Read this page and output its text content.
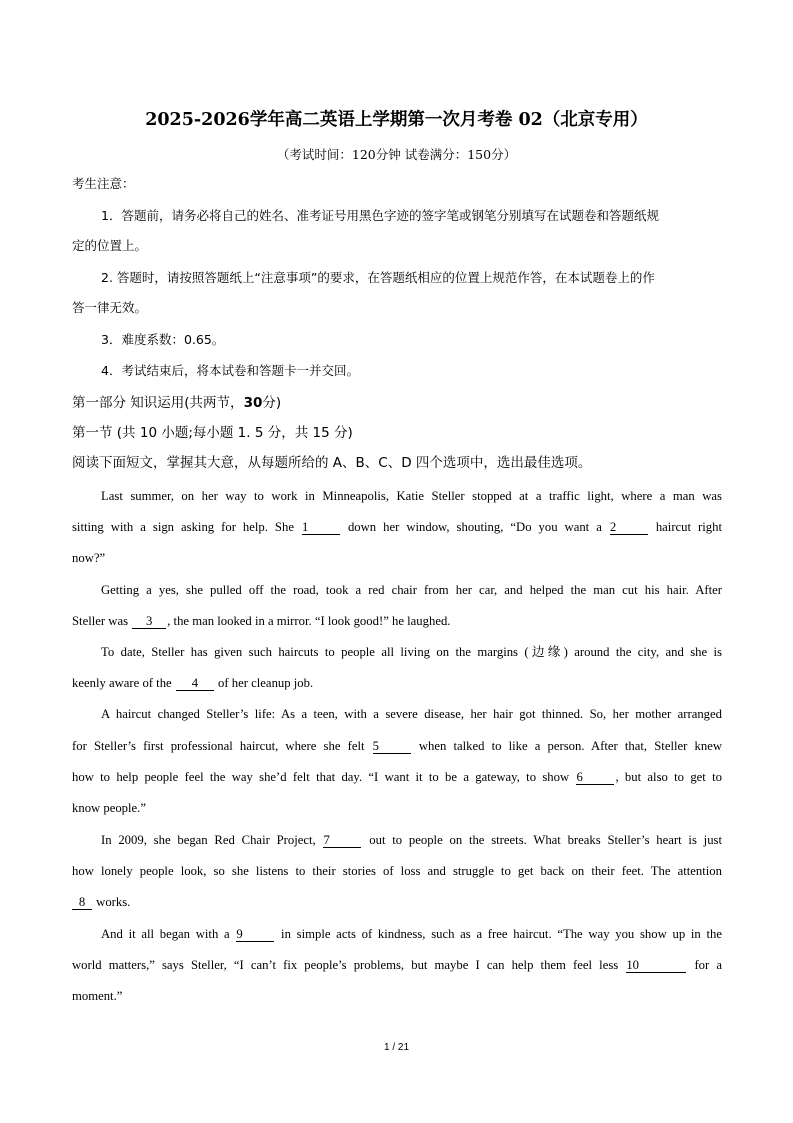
2025-2026学年高二英语上学期第一次月考卷 02（北京专用）
（考试时间：120分钟 试卷满分：150分）
考生注意：
1．答题前，请务必将自己的姓名、准考证号用黑色字迹的签字笔或钢笔分别填写在试题卷和答题纸规
定的位置上。
2. 答题时，请按照答题纸上“注意事项”的要求，在答题纸相应的位置上规范作答，在本试题卷上的作
答一律无效。
3．难度系数：0.65。
4．考试结束后，将本试卷和答题卡一并交回。
第一部分 知识运用(共两节，30分)
第一节 (共 10 小题;每小题 1. 5 分，共 15 分)
阅读下面短文，掌握其大意，从每题所给的 A、B、C、D 四个选项中，选出最佳选项。
Last summer, on her way to work in Minneapolis, Katie Steller stopped at a traffic light, where a man was
sitting with a sign asking for help. She 1	down her window, shouting, “Do you want a 2	haircut right
now?”
Getting a yes, she pulled off the road, took a red chair from her car, and helped the man cut his hair. After
Steller was 3 , the man looked in a mirror. “I look good!” he laughed.
To date, Steller has given such haircuts to people all living on the margins (边缘) around the city, and she is
keenly aware of the 4 of her cleanup job.
A haircut changed Steller’s life: As a teen, with a severe disease, her hair got thinned. So, her mother arranged
for Steller’s first professional haircut, where she felt 5	when talked to like a person. After that, Steller knew
how to help people feel the way she’d felt that day. “I want it to be a gateway, to show 6	, but also to get to
know people.”
In 2009, she began Red Chair Project, 7	out to people on the streets. What breaks Steller’s heart is just
how lonely people look, so she listens to their stories of loss and struggle to get back on their feet. The attention
8 works.
And it all began with a 9	in simple acts of kindness, such as a free haircut. “The way you show up in the
world matters,” says Steller, “I can’t fix people’s problems, but maybe I can help them feel less 10	for a
moment.”
1 / 21
